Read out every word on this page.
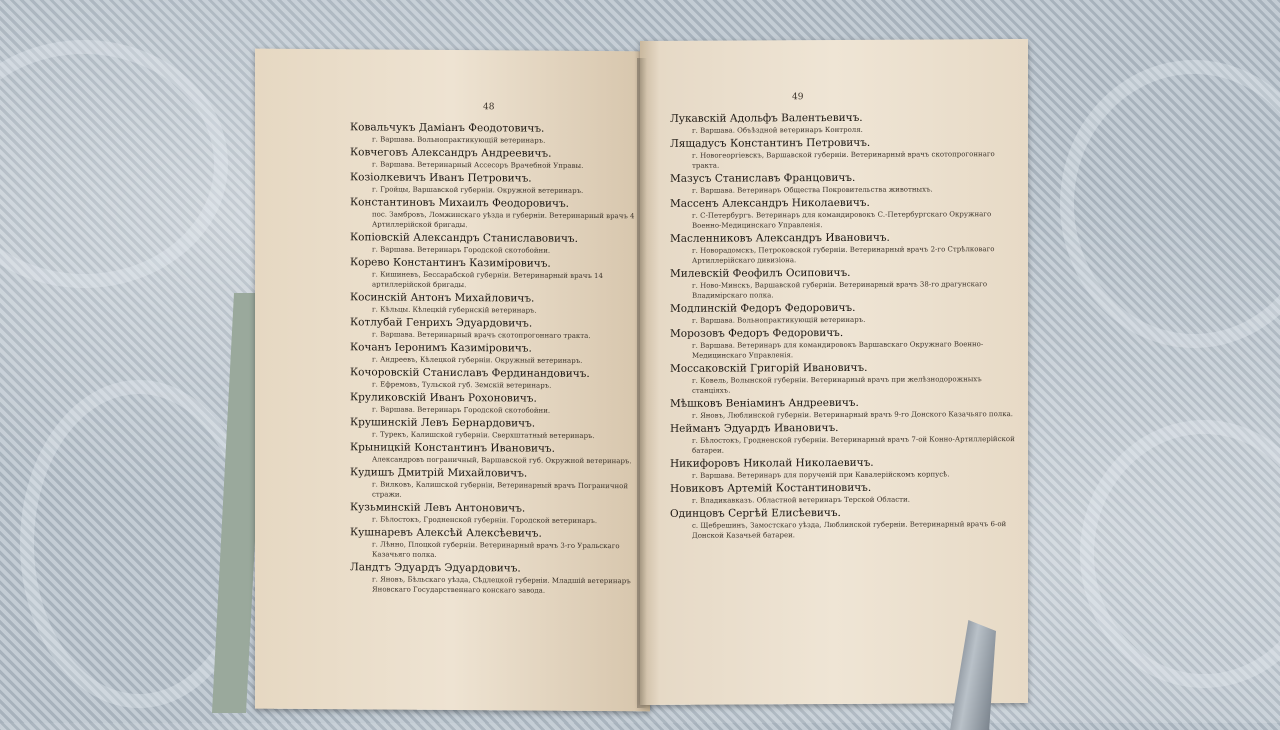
48
Ковальчукъ Дамiанъ Феодотовичъ.
г. Варшава. Вольнопрактикующiй ветеринаръ.
Ковчеговъ Александръ Андреевичъ.
г. Варшава. Ветеринарный Ассесоръ Врачебной Управы.
Козiолкевичъ Иванъ Петровичъ.
г. Гройцы, Варшавской губернiи. Окружной ветеринаръ.
Константиновъ Михаилъ Феодоровичъ.
пос. Замбровъ, Ломжинскаго уѣзда и губернiи. Ветеринарный врачъ 4 Артиллерiйской бригады.
Копiовскiй Александръ Станиславовичъ.
г. Варшава. Ветеринаръ Городской скотобойни.
Корево Константинъ Казимiровичъ.
г. Кишиневъ, Бессарабской губернiи. Ветеринарный врачъ 14 артиллерiйской бригады.
Косинскiй Антонъ Михайловичъ.
г. Кѣльцы. Кѣлецкiй губернскiй ветеринаръ.
Котлубай Генрихъ Эдуардовичъ.
г. Варшава. Ветеринарный врачъ скотопрогоннаго тракта.
Кочанъ Iеронимъ Казимiровичъ.
г. Андреевъ, Кѣлецкой губернiи. Окружный ветеринаръ.
Кочоровскiй Станиславъ Фердинандовичъ.
г. Ефремовъ, Тульской губ. Земскiй ветеринаръ.
Круликовскiй Иванъ Рохоновичъ.
г. Варшава. Ветеринаръ Городской скотобойни.
Крушинскiй Левъ Бернардовичъ.
г. Турекъ, Калишской губернiи. Сверхштатный ветеринаръ.
Крыницкiй Константинъ Ивановичъ.
Александровъ пограничный, Варшавской губ. Окружной ветеринаръ.
Кудишъ Дмитрiй Михайловичъ.
г. Вилковъ, Калишской губернiи, Ветеринарный врачъ Пограничной стражи.
Кузьминскiй Левъ Антоновичъ.
г. Бѣлостокъ, Гродненской губернiи. Городской ветеринаръ.
Кушнаревъ Алексѣй Алексѣевичъ.
г. Лѣнно, Плоцкой губернiи. Ветеринарный врачъ 3-го Уральскаго Казачьяго полка.
Ландтъ Эдуардъ Эдуардовичъ.
г. Яновъ, Бѣльскаго уѣзда, Сѣдлецкой губернiи. Младшiй ветеринаръ Яновскаго Государственнаго конскаго завода.
49
Лукавскiй Адольфъ Валентьевичъ.
г. Варшава. Объѣздной ветеринаръ Контроля.
Лящадусъ Константинъ Петровичъ.
г. Новогеоргiевскъ, Варшавской губернiи. Ветеринарный врачъ скотопрогоннаго тракта.
Мазусъ Станиславъ Францовичъ.
г. Варшава. Ветеринаръ Общества Покровительства животныхъ.
Массенъ Александръ Николаевичъ.
г. С-Петербургъ. Ветеринаръ для командировокъ С.-Петербургскаго Окружнаго Военно-Медицинскаго Управленiя.
Масленниковъ Александръ Ивановичъ.
г. Новорадомскъ, Петроковской губернiи. Ветеринарный врачъ 2-го Стрѣлковаго Артиллерiйскаго дивизiона.
Милевскiй Феофилъ Осиповичъ.
г. Ново-Минскъ, Варшавской губернiи. Ветеринарный врачъ 38-го драгунскаго Владимiрскаго полка.
Модлинскiй Федоръ Федоровичъ.
г. Варшава. Вольнопрактикующiй ветеринаръ.
Морозовъ Федоръ Федоровичъ.
г. Варшава. Ветеринаръ для командировокъ Варшавскаго Окружнаго Военно-Медицинскаго Управленiя.
Моссаковскiй Григорiй Ивановичъ.
г. Ковель, Волынской губернiи. Ветеринарный врачъ при желѣзнодорожныхъ станцiяхъ.
Мѣшковъ Венiаминъ Андреевичъ.
г. Яновъ, Люблинской губернiи. Ветеринарный врачъ 9-го Донского Казачьяго полка.
Нейманъ Эдуардъ Ивановичъ.
г. Бѣлостокъ, Гродненской губернiи. Ветеринарный врачъ 7-ой Конно-Артиллерiйской батареи.
Никифоровъ Николай Николаевичъ.
г. Варшава. Ветеринаръ для порученiй при Кавалерiйскомъ корпусѣ.
Новиковъ Артемiй Костантиновичъ.
г. Владикавказъ. Областной ветеринаръ Терской Области.
Одинцовъ Сергѣй Елисѣевичъ.
с. Щебрешинъ, Замостскаго уѣзда, Люблинской губернiи. Ветеринарный врачъ 6-ой Донской Казачьей батареи.
